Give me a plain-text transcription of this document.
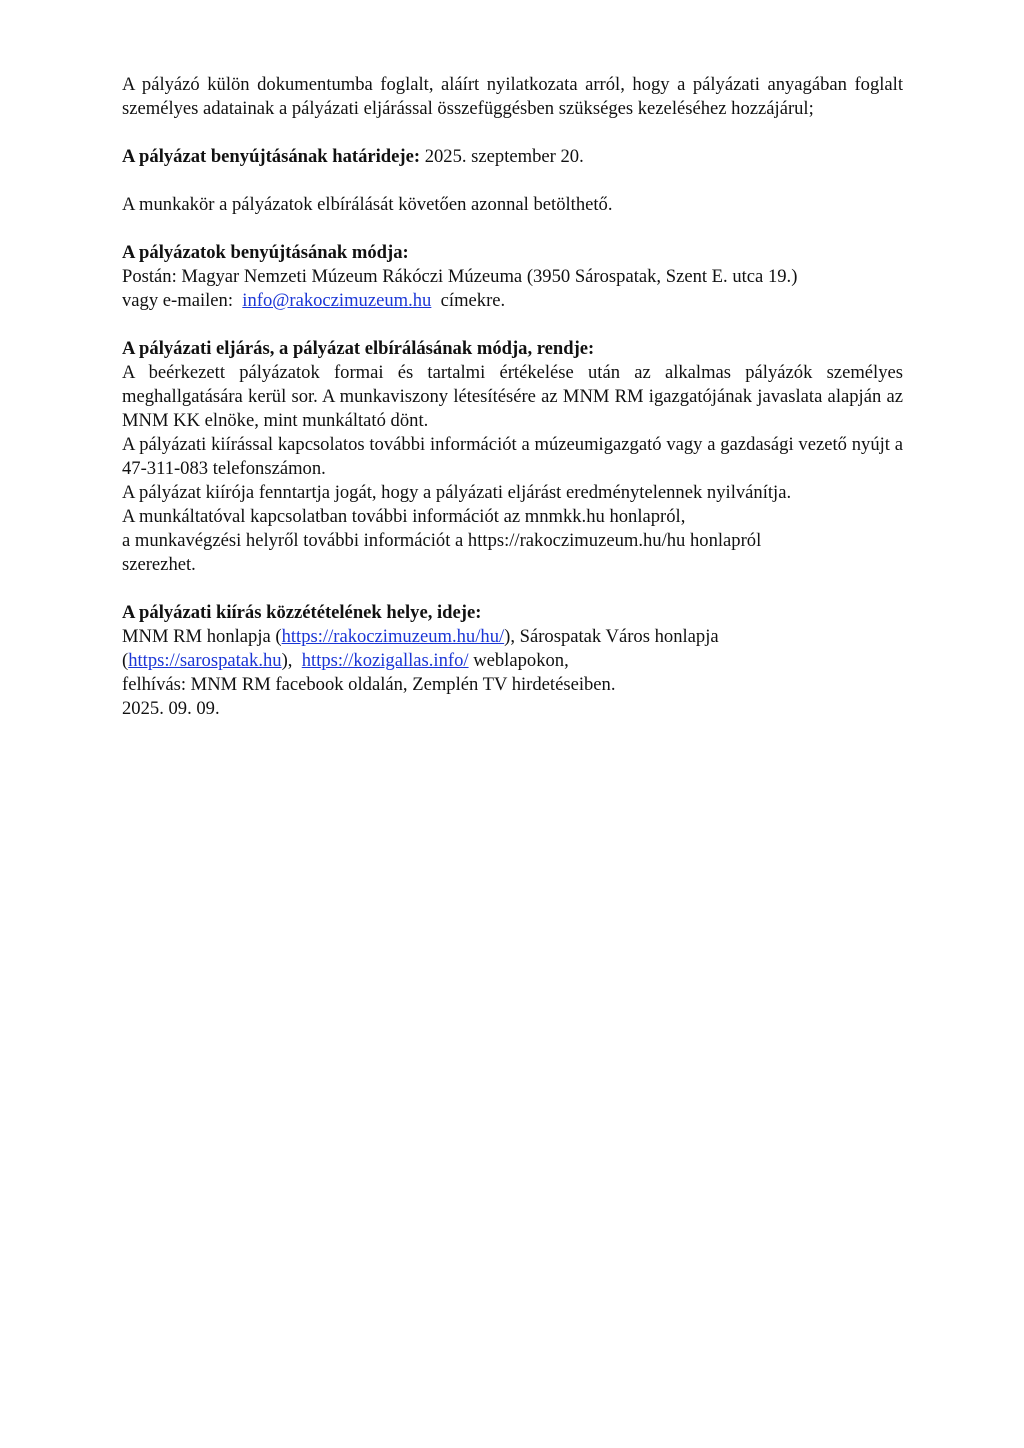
A pályázó külön dokumentumba foglalt, aláírt nyilatkozata arról, hogy a pályázati anyagában foglalt személyes adatainak a pályázati eljárással összefüggésben szükséges kezeléséhez hozzájárul;

A pályázat benyújtásának határideje: 2025. szeptember 20.

A munkakör a pályázatok elbírálását követően azonnal betölthető.

A pályázatok benyújtásának módja:
Postán: Magyar Nemzeti Múzeum Rákóczi Múzeuma (3950 Sárospatak, Szent E. utca 19.)
vagy e-mailen: info@rakoczimuzeum.hu címekre.
A pályázati eljárás, a pályázat elbírálásának módja, rendje:
A beérkezett pályázatok formai és tartalmi értékelése után az alkalmas pályázók személyes meghallgatására kerül sor. A munkaviszony létesítésére az MNM RM igazgatójának javaslata alapján az MNM KK elnöke, mint munkáltató dönt.
A pályázati kiírással kapcsolatos további információt a múzeumigazgató vagy a gazdasági vezető nyújt a 47-311-083 telefonszámon.
A pályázat kiírója fenntartja jogát, hogy a pályázati eljárást eredménytelennek nyilvánítja.
A munkáltatóval kapcsolatban további információt az mnmkk.hu honlapról,
a munkavégzési helyről további információt a https://rakoczimuzeum.hu/hu honlapról
szerezhet.
A pályázati kiírás közzétételének helye, ideje:
MNM RM honlapja (https://rakoczimuzeum.hu/hu/), Sárospatak Város honlapja
(https://sarospatak.hu), https://kozigallas.info/ weblapokon,
felhívás: MNM RM facebook oldalán, Zemplén TV hirdetéseiben.
2025. 09. 09.
